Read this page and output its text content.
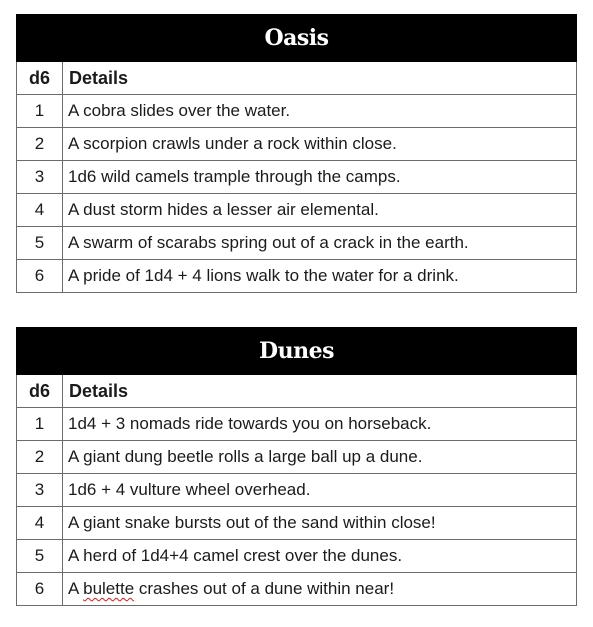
Oasis	
d6	Details
1	A cobra slides over the water.
2	A scorpion crawls under a rock within close.
3	1d6 wild camels trample through the camps.
4	A dust storm hides a lesser air elemental.
5	A swarm of scarabs spring out of a crack in the earth.
6	A pride of 1d4 + 4 lions walk to the water for a drink.
Dunes	
d6	Details
1	1d4 + 3 nomads ride towards you on horseback.
2	A giant dung beetle rolls a large ball up a dune.
3	1d6 + 4 vulture wheel overhead.
4	A giant snake bursts out of the sand within close!
5	A herd of 1d4+4 camel crest over the dunes.
6	A bulette crashes out of a dune within near!
